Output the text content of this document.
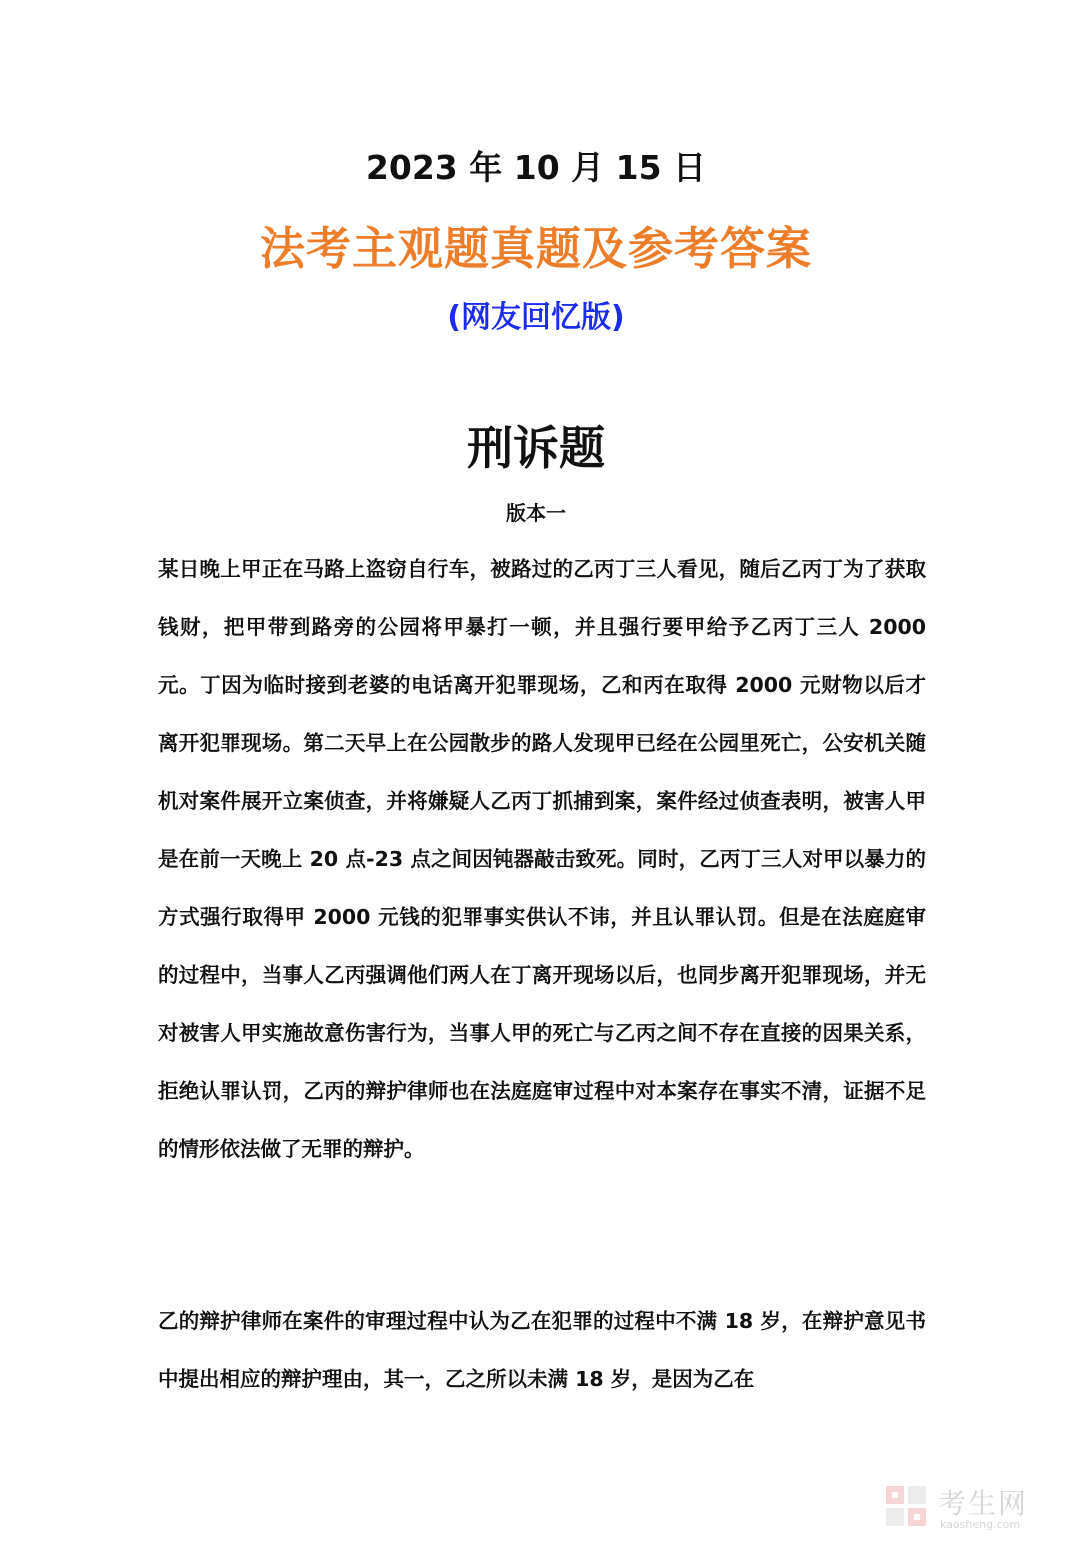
2023 年 10 月 15 日
法考主观题真题及参考答案
(网友回忆版)
刑诉题
版本一

某日晚上甲正在马路上盗窃自行车，被路过的乙丙丁三人看见，随后乙丙丁为了获取钱财，把甲带到路旁的公园将甲暴打一顿，并且强行要甲给予乙丙丁三人 2000 元。丁因为临时接到老婆的电话离开犯罪现场，乙和丙在取得 2000 元财物以后才离开犯罪现场。第二天早上在公园散步的路人发现甲已经在公园里死亡，公安机关随机对案件展开立案侦查，并将嫌疑人乙丙丁抓捕到案，案件经过侦查表明，被害人甲是在前一天晚上 20 点-23 点之间因钝器敲击致死。同时，乙丙丁三人对甲以暴力的方式强行取得甲 2000 元钱的犯罪事实供认不讳，并且认罪认罚。但是在法庭庭审的过程中，当事人乙丙强调他们两人在丁离开现场以后，也同步离开犯罪现场，并无对被害人甲实施故意伤害行为，当事人甲的死亡与乙丙之间不存在直接的因果关系，拒绝认罪认罚，乙丙的辩护律师也在法庭庭审过程中对本案存在事实不清，证据不足的情形依法做了无罪的辩护。

乙的辩护律师在案件的审理过程中认为乙在犯罪的过程中不满 18 岁，在辩护意见书中提出相应的辩护理由，其一，乙之所以未满 18 岁，是因为乙在

考生网
kaosheng.com
